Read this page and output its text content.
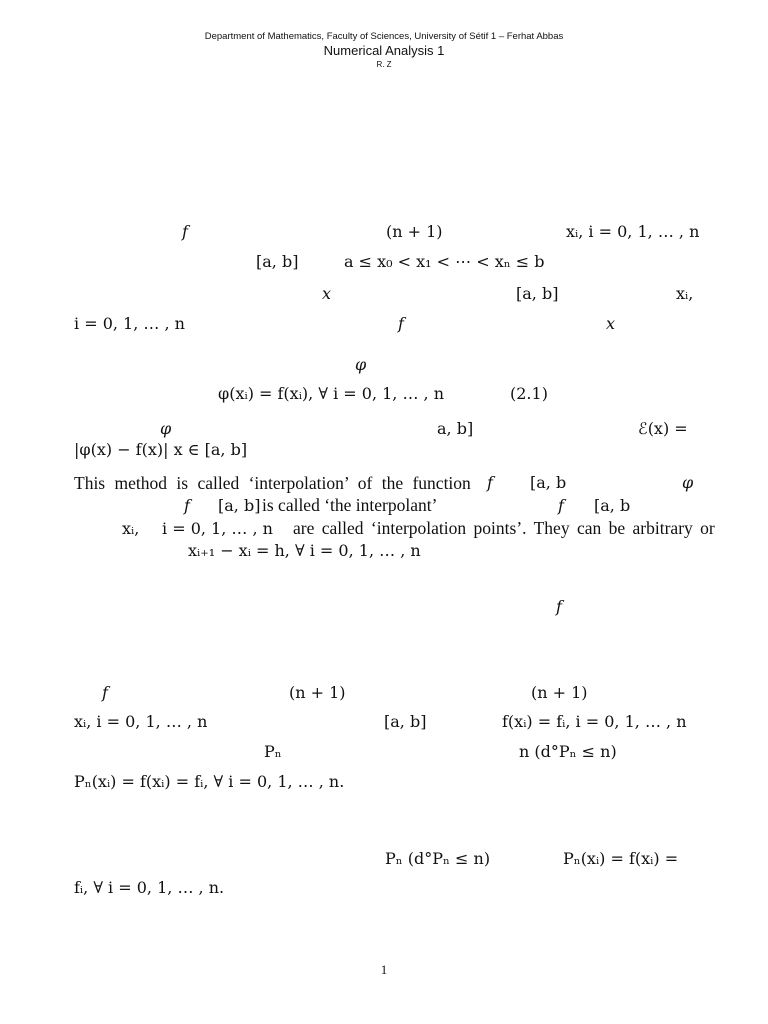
Department of Mathematics, Faculty of Sciences, University of Sétif 1 – Ferhat Abbas
Numerical Analysis 1
R. Z
f	(n + 1)	xᵢ, i = 0, 1, … , n
[a, b]	a ≤ x₀ < x₁ < ⋯ < xₙ ≤ b
x	[a, b]	xᵢ,
i = 0, 1, … , n	f	x
φ
φ(xᵢ) = f(xᵢ), ∀ i = 0, 1, … , n	(2.1)
φ	a, b]	ℰ(x) =
|φ(x) − f(x)| x ∈ [a, b]
This method is called ‘interpolation’ of the function f [a, b	φ
f [a, b] is called ‘the interpolant’	f [a, b
xᵢ, i = 0, 1, … , n are called ‘interpolation points’. They can be arbitrary or
xᵢ₊₁ − xᵢ = h, ∀ i = 0, 1, … , n
f
f	(n + 1)	(n + 1)
xᵢ, i = 0, 1, … , n	[a, b]	f(xᵢ) = fᵢ, i = 0, 1, … , n
Pₙ	n (d°Pₙ ≤ n)
Pₙ(xᵢ) = f(xᵢ) = fᵢ, ∀ i = 0, 1, … , n.
Pₙ (d°Pₙ ≤ n)	Pₙ(xᵢ) = f(xᵢ) =
fᵢ, ∀ i = 0, 1, … , n.
1
